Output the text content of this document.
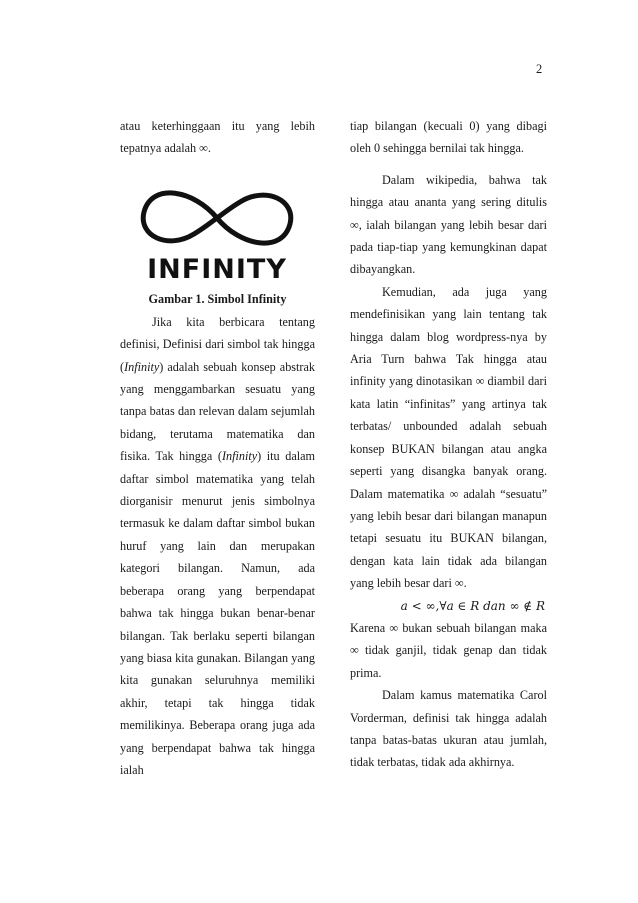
2

atau keterhinggaan itu yang lebih tepatnya adalah ∞.

INFINITY
Gambar 1. Simbol Infinity

Jika kita berbicara tentang definisi, Definisi dari simbol tak hingga (Infinity) adalah sebuah konsep abstrak yang menggambarkan sesuatu yang tanpa batas dan relevan dalam sejumlah bidang, terutama matematika dan fisika. Tak hingga (Infinity) itu dalam daftar simbol matematika yang telah diorganisir menurut jenis simbolnya termasuk ke dalam daftar simbol bukan huruf yang lain dan merupakan kategori bilangan. Namun, ada beberapa orang yang berpendapat bahwa tak hingga bukan benar-benar bilangan. Tak berlaku seperti bilangan yang biasa kita gunakan. Bilangan yang kita gunakan seluruhnya memiliki akhir, tetapi tak hingga tidak memilikinya. Beberapa orang juga ada yang berpendapat bahwa tak hingga ialah

tiap bilangan (kecuali 0) yang dibagi oleh 0 sehingga bernilai tak hingga.

Dalam wikipedia, bahwa tak hingga atau ananta yang sering ditulis ∞, ialah bilangan yang lebih besar dari pada tiap-tiap yang kemungkinan dapat dibayangkan.

Kemudian, ada juga yang mendefinisikan yang lain tentang tak hingga dalam blog wordpress-nya by Aria Turn bahwa Tak hingga atau infinity yang dinotasikan ∞ diambil dari kata latin “infinitas” yang artinya tak terbatas/ unbounded adalah sebuah konsep BUKAN bilangan atau angka seperti yang disangka banyak orang. Dalam matematika ∞ adalah “sesuatu” yang lebih besar dari bilangan manapun tetapi sesuatu itu BUKAN bilangan, dengan kata lain tidak ada bilangan yang lebih besar dari ∞.

a < ∞,∀a ∈ R dan ∞ ∉ R

Karena ∞ bukan sebuah bilangan maka ∞ tidak ganjil, tidak genap dan tidak prima.

Dalam kamus matematika Carol Vorderman, definisi tak hingga adalah tanpa batas-batas ukuran atau jumlah, tidak terbatas, tidak ada akhirnya.
